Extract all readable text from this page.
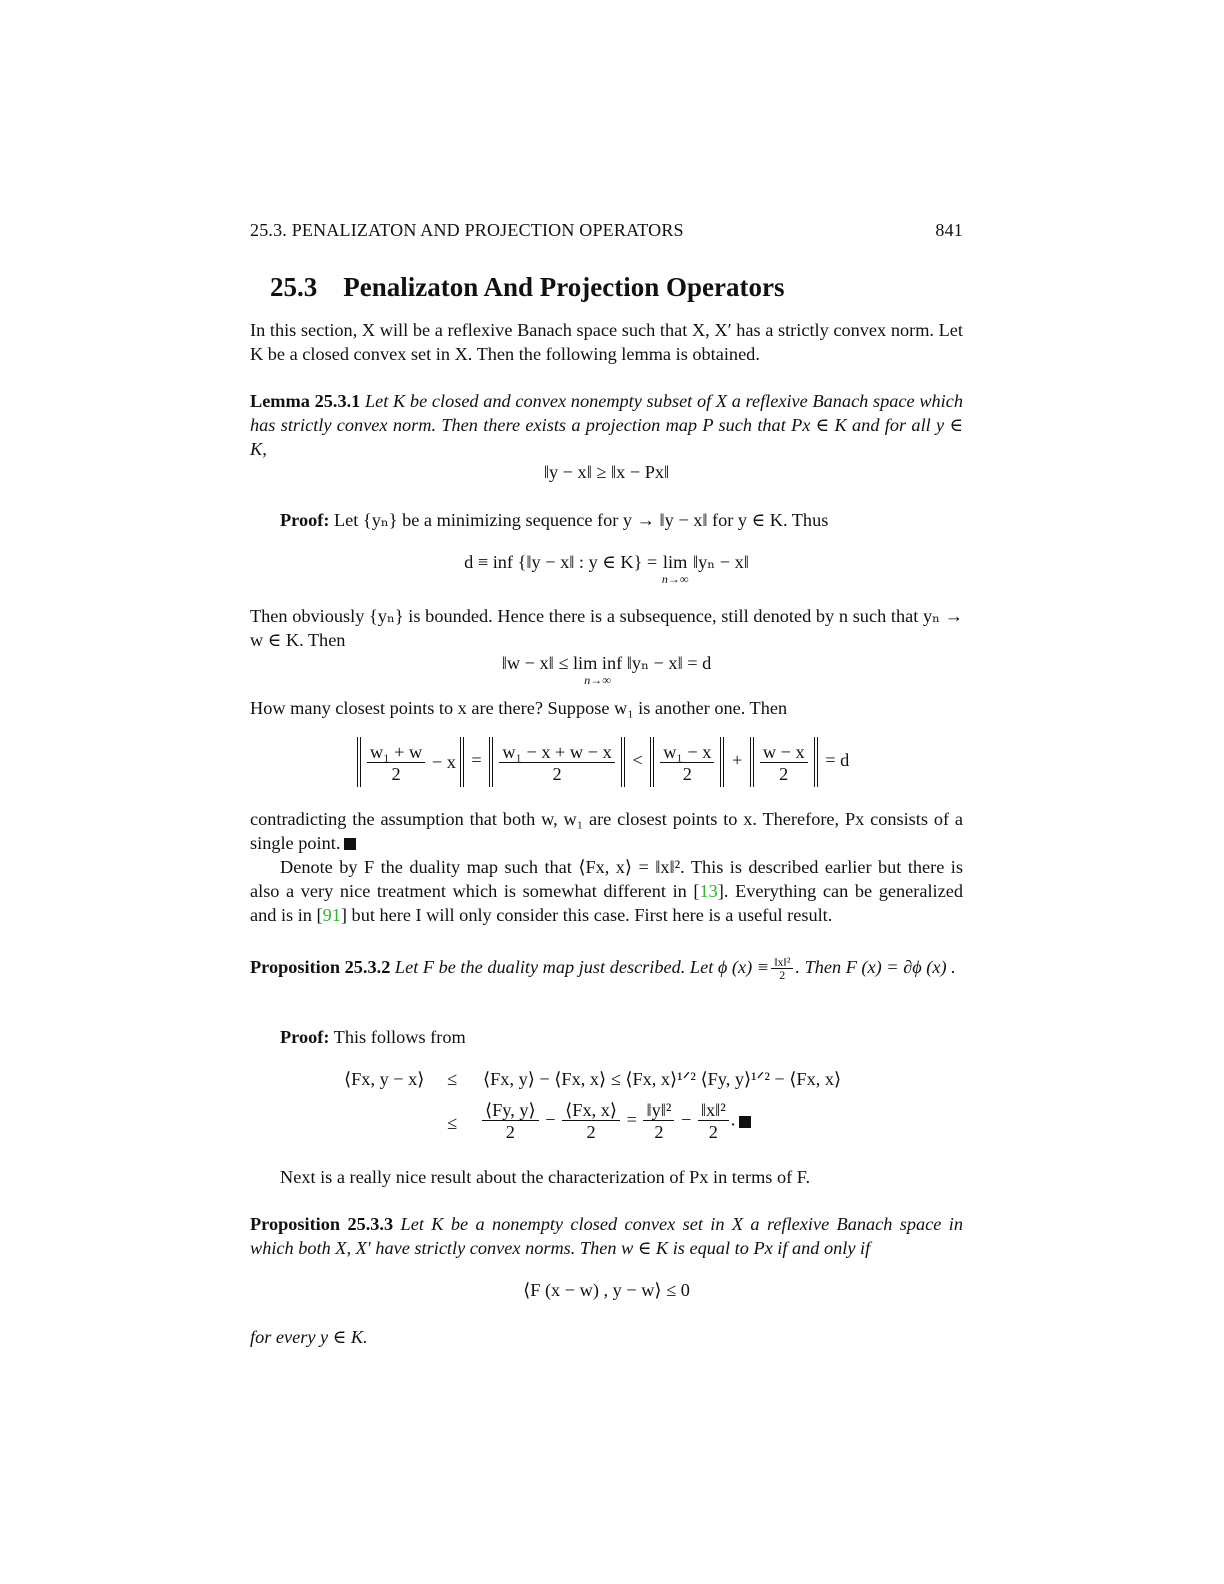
25.3. PENALIZATON AND PROJECTION OPERATORS	841
25.3 Penalizaton And Projection Operators
In this section, X will be a reflexive Banach space such that X, X′ has a strictly convex norm. Let K be a closed convex set in X. Then the following lemma is obtained.
Lemma 25.3.1 Let K be closed and convex nonempty subset of X a reflexive Banach space which has strictly convex norm. Then there exists a projection map P such that Px ∈ K and for all y ∈ K,
‖y − x‖ ≥ ‖x − Px‖
Proof: Let {yₙ} be a minimizing sequence for y → ‖y − x‖ for y ∈ K. Thus
d ≡ inf {‖y − x‖ : y ∈ K} = lim
n→∞
‖yₙ − x‖
Then obviously {yₙ} is bounded. Hence there is a subsequence, still denoted by n such that yₙ → w ∈ K. Then
‖w − x‖ ≤ lim inf
n→∞
‖yₙ − x‖ = d
How many closest points to x are there? Suppose w₁ is another one. Then
$\frac{\text{w₁ + w}}{2} - x = \frac{\text{w₁ − x + w − x}}{2} < \frac{\text{w₁ − x}}{2} + \frac{w - x}{2} = d$
contradicting the assumption that both w, w₁ are closest points to x. Therefore, Px consists of a single point.
Denote by F the duality map such that ⟨Fx, x⟩ = ‖x‖². This is described earlier but there is also a very nice treatment which is somewhat different in [13]. Everything can be generalized and is in [91] but here I will only consider this case. First here is a useful result.
Proposition 25.3.2 Let F be the duality map just described. Let ϕ $(x) \equiv \frac{\text{‖x‖²}}{2}$ . Then F (x) = ∂ϕ (x) .
Proof: This follows from
⟨Fx, y − x⟩ ≤ ⟨Fx, y⟩ − ⟨Fx, x⟩ ≤ ⟨Fx, x⟩¹ᐟ² ⟨Fy, y⟩¹ᐟ² − ⟨Fx, x⟩
≤ $\frac{⟨Fy, y⟩}{2} - \frac{⟨Fx, x⟩}{2} = \frac{\text{‖y‖²}}{2} - \frac{\text{‖x‖²}}{2}$ .
Next is a really nice result about the characterization of Px in terms of F.
Proposition 25.3.3 Let K be a nonempty closed convex set in X a reflexive Banach space in which both X, X′ have strictly convex norms. Then w ∈ K is equal to Px if and only if
⟨F (x − w) , y − w⟩ ≤ 0
for every y ∈ K.
